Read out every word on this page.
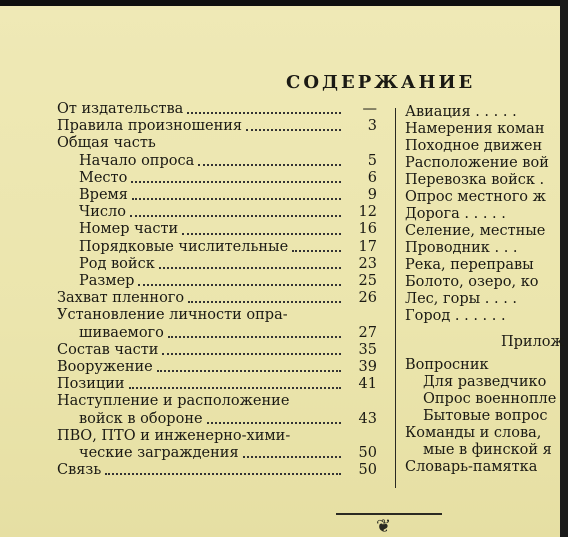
СОДЕРЖАНИЕ
От издательства	—
Правила произношения	3
Общая часть
Начало опроса	5
Место	6
Время	9
Число	12
Номер части	16
Порядковые числительные	17
Род войск	23
Размер	25
Захват пленного	26
Установление личности опра-
шиваемого	27
Состав части	35
Вооружение	39
Позиции	41
Наступление и расположение
войск в обороне	43
ПВО, ПТО и инженерно-хими-
ческие заграждения	50
Связь	50
Авиация . . . . .
Намерения коман
Походное движен
Расположение вой
Перевозка войск .
Опрос местного ж
Дорога . . . . .
Селение, местные
Проводник . . .
Река, переправы
Болото, озеро, ко
Лес, горы . . . .
Город . . . . . .
Прилож
Вопросник
Для разведчико
Опрос военнопле
Бытовые вопрос
Команды и слова,
мые в финской я
Словарь-памятка
❦
